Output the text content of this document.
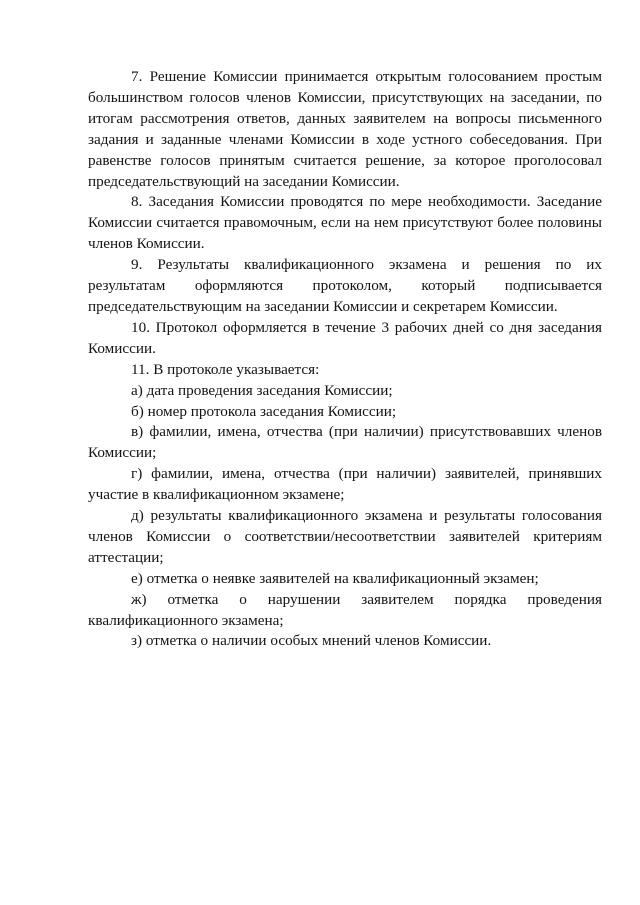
7. Решение Комиссии принимается открытым голосованием простым большинством голосов членов Комиссии, присутствующих на заседании, по итогам рассмотрения ответов, данных заявителем на вопросы письменного задания и заданные членами Комиссии в ходе устного собеседования. При равенстве голосов принятым считается решение, за которое проголосовал председательствующий на заседании Комиссии.

8. Заседания Комиссии проводятся по мере необходимости. Заседание Комиссии считается правомочным, если на нем присутствуют более половины членов Комиссии.

9. Результаты квалификационного экзамена и решения по их результатам оформляются протоколом, который подписывается председательствующим на заседании Комиссии и секретарем Комиссии.

10. Протокол оформляется в течение 3 рабочих дней со дня заседания Комиссии.

11. В протоколе указывается:

а) дата проведения заседания Комиссии;

б) номер протокола заседания Комиссии;

в) фамилии, имена, отчества (при наличии) присутствовавших членов Комиссии;

г) фамилии, имена, отчества (при наличии) заявителей, принявших участие в квалификационном экзамене;

д) результаты квалификационного экзамена и результаты голосования членов Комиссии о соответствии/несоответствии заявителей критериям аттестации;

е) отметка о неявке заявителей на квалификационный экзамен;

ж) отметка о нарушении заявителем порядка проведения квалификационного экзамена;

з) отметка о наличии особых мнений членов Комиссии.
